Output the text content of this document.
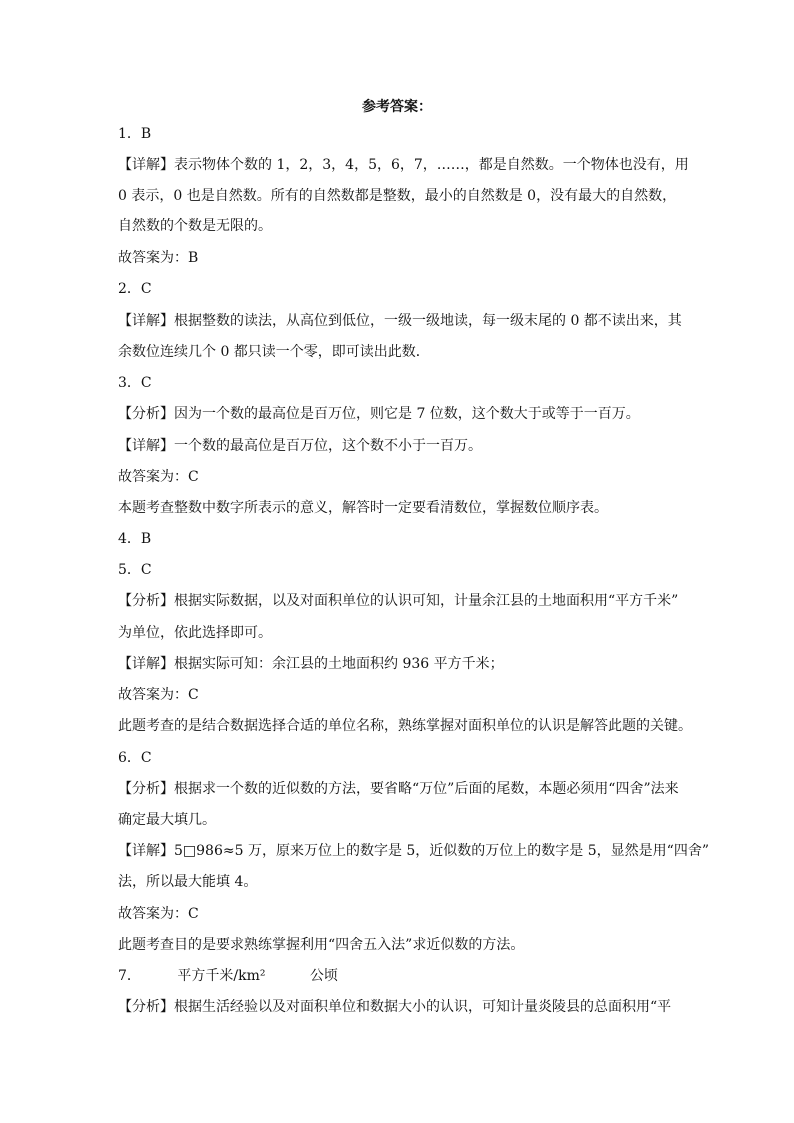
参考答案：
1．B
【详解】表示物体个数的 1，2，3，4，5，6，7，……，都是自然数。一个物体也没有，用
0 表示，0 也是自然数。所有的自然数都是整数，最小的自然数是 0，没有最大的自然数，
自然数的个数是无限的。
故答案为：B
2．C
【详解】根据整数的读法，从高位到低位，一级一级地读，每一级末尾的 0 都不读出来，其
余数位连续几个 0 都只读一个零，即可读出此数．
3．C
【分析】因为一个数的最高位是百万位，则它是 7 位数，这个数大于或等于一百万。
【详解】一个数的最高位是百万位，这个数不小于一百万。
故答案为：C
本题考查整数中数字所表示的意义，解答时一定要看清数位，掌握数位顺序表。
4．B
5．C
【分析】根据实际数据，以及对面积单位的认识可知，计量余江县的土地面积用“平方千米”
为单位，依此选择即可。
【详解】根据实际可知：余江县的土地面积约 936 平方千米；
故答案为：C
此题考查的是结合数据选择合适的单位名称，熟练掌握对面积单位的认识是解答此题的关键。
6．C
【分析】根据求一个数的近似数的方法，要省略“万位”后面的尾数，本题必须用“四舍”法来
确定最大填几。
【详解】5□986≈5 万，原来万位上的数字是 5，近似数的万位上的数字是 5，显然是用“四舍”
法，所以最大能填 4。
故答案为：C
此题考查目的是要求熟练掌握利用“四舍五入法”求近似数的方法。
7．	平方千米/km²	公顷
【分析】根据生活经验以及对面积单位和数据大小的认识，可知计量炎陵县的总面积用“平
